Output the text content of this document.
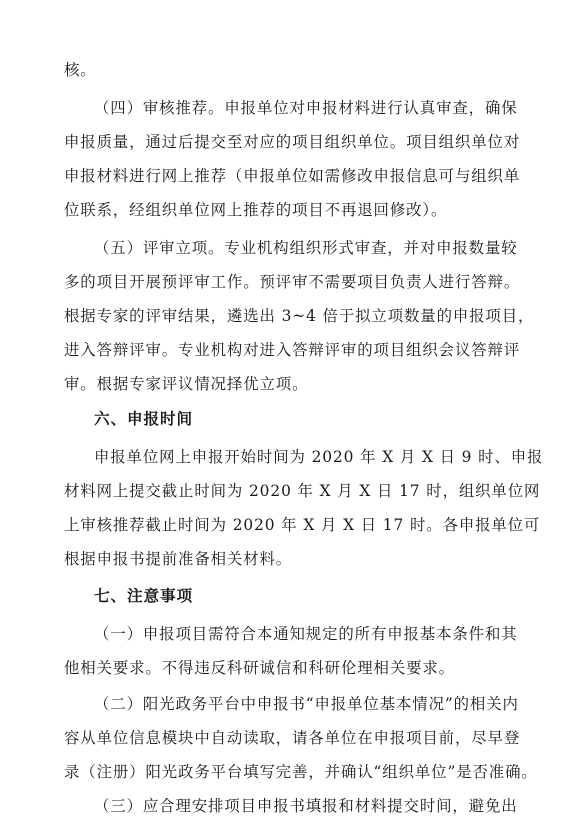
核。
（四）审核推荐。申报单位对申报材料进行认真审查，确保
申报质量，通过后提交至对应的项目组织单位。项目组织单位对
申报材料进行网上推荐（申报单位如需修改申报信息可与组织单
位联系，经组织单位网上推荐的项目不再退回修改）。
（五）评审立项。专业机构组织形式审查，并对申报数量较
多的项目开展预评审工作。预评审不需要项目负责人进行答辩。
根据专家的评审结果，遴选出 3~4 倍于拟立项数量的申报项目，
进入答辩评审。专业机构对进入答辩评审的项目组织会议答辩评
审。根据专家评议情况择优立项。
六、申报时间
申报单位网上申报开始时间为 2020 年 X 月 X 日 9 时、申报
材料网上提交截止时间为 2020 年 X 月 X 日 17 时，组织单位网
上审核推荐截止时间为 2020 年 X 月 X 日 17 时。各申报单位可
根据申报书提前准备相关材料。
七、注意事项
（一）申报项目需符合本通知规定的所有申报基本条件和其
他相关要求。不得违反科研诚信和科研伦理相关要求。
（二）阳光政务平台中申报书“申报单位基本情况”的相关内
容从单位信息模块中自动读取，请各单位在申报项目前，尽早登
录（注册）阳光政务平台填写完善，并确认“组织单位”是否准确。
（三）应合理安排项目申报书填报和材料提交时间，避免出
